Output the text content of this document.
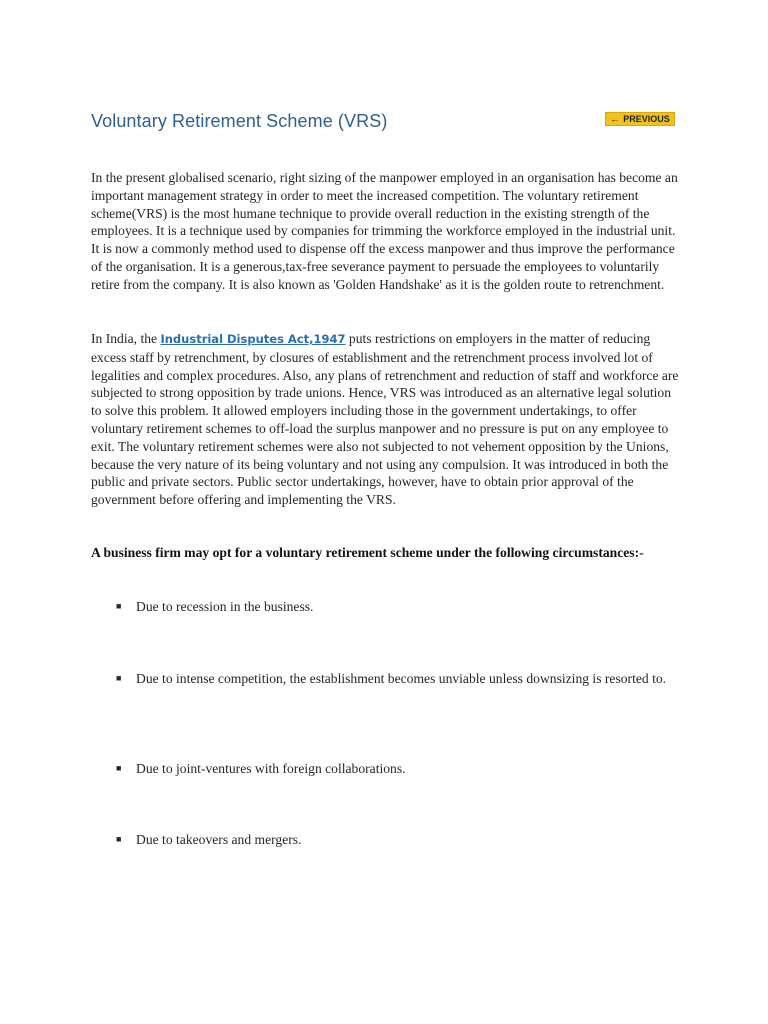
Voluntary Retirement Scheme (VRS)	← PREVIOUS

In the present globalised scenario, right sizing of the manpower employed in an organisation has become an important management strategy in order to meet the increased competition. The voluntary retirement scheme(VRS) is the most humane technique to provide overall reduction in the existing strength of the employees. It is a technique used by companies for trimming the workforce employed in the industrial unit. It is now a commonly method used to dispense off the excess manpower and thus improve the performance of the organisation. It is a generous,tax-free severance payment to persuade the employees to voluntarily retire from the company. It is also known as 'Golden Handshake' as it is the golden route to retrenchment.

In India, the Industrial Disputes Act,1947 puts restrictions on employers in the matter of reducing excess staff by retrenchment, by closures of establishment and the retrenchment process involved lot of legalities and complex procedures. Also, any plans of retrenchment and reduction of staff and workforce are subjected to strong opposition by trade unions. Hence, VRS was introduced as an alternative legal solution to solve this problem. It allowed employers including those in the government undertakings, to offer voluntary retirement schemes to off-load the surplus manpower and no pressure is put on any employee to exit. The voluntary retirement schemes were also not subjected to not vehement opposition by the Unions, because the very nature of its being voluntary and not using any compulsion. It was introduced in both the public and private sectors. Public sector undertakings, however, have to obtain prior approval of the government before offering and implementing the VRS.

A business firm may opt for a voluntary retirement scheme under the following circumstances:-

■ Due to recession in the business.
■ Due to intense competition, the establishment becomes unviable unless downsizing is resorted to.
■ Due to joint-ventures with foreign collaborations.
■ Due to takeovers and mergers.
